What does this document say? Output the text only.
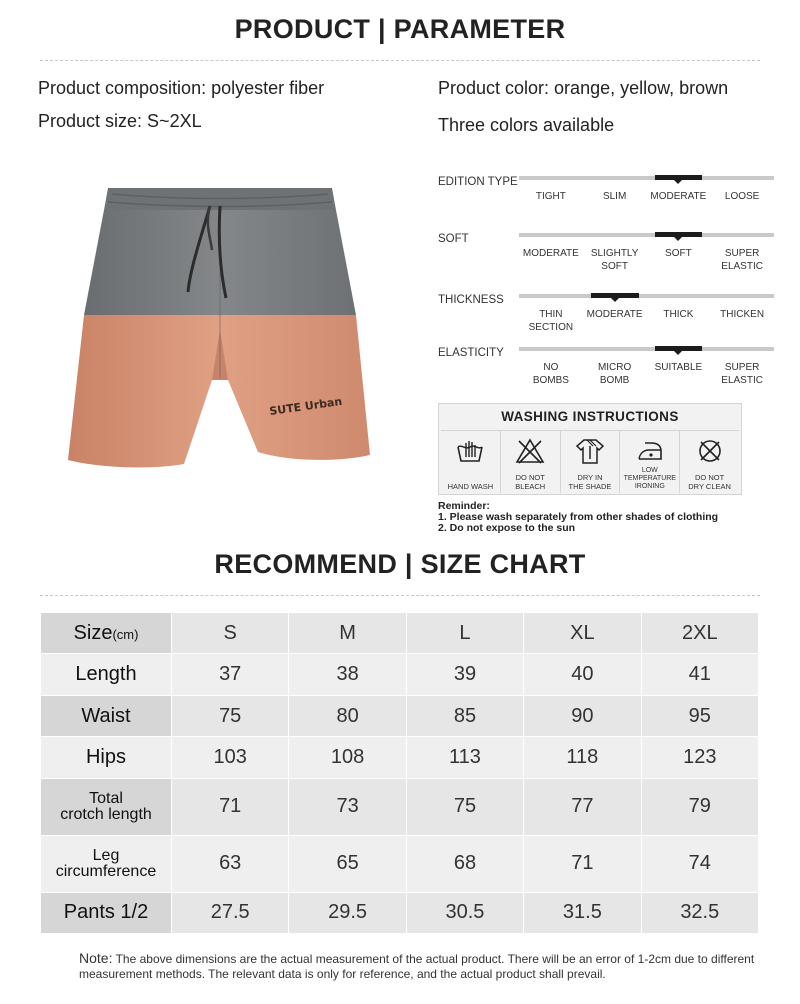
PRODUCT | PARAMETER
Product composition: polyester fiber
Product size: S~2XL
Product color: orange, yellow, brown
Three colors available
SUTE Urban
EDITION TYPE
TIGHT	SLIM	MODERATE	LOOSE
SOFT
MODERATE	SLIGHTLY
SOFT
SOFT	SUPER ELASTIC
THICKNESS
THIN
SECTION
MODERATE	THICK	THICKEN
ELASTICITY
NO
BOMBS
MICRO
BOMB
SUITABLE	SUPER
ELASTIC
WASHING INSTRUCTIONS
HAND WASH
DO NOT
BLEACH
DRY IN
THE SHADE
LOW
TEMPERATURE
IRONING
DO NOT
DRY CLEAN
Reminder:
1. Please wash separately from other shades of clothing
2. Do not expose to the sun
RECOMMEND | SIZE CHART
Size(cm)	S	M	L	XL	2XL
Length	37	38	39	40	41
Waist	75	80	85	90	95
Hips	103	108	113	118	123

Total
crotch length	71	73	75	77	79

Leg
circumference	63	65	68	71	74
Pants 1/2	27.5	29.5	30.5	31.5	32.5
Note: The above dimensions are the actual measurement of the actual product. There will be an error of 1-2cm due to different measurement methods. The relevant data is only for reference, and the actual product shall prevail.
